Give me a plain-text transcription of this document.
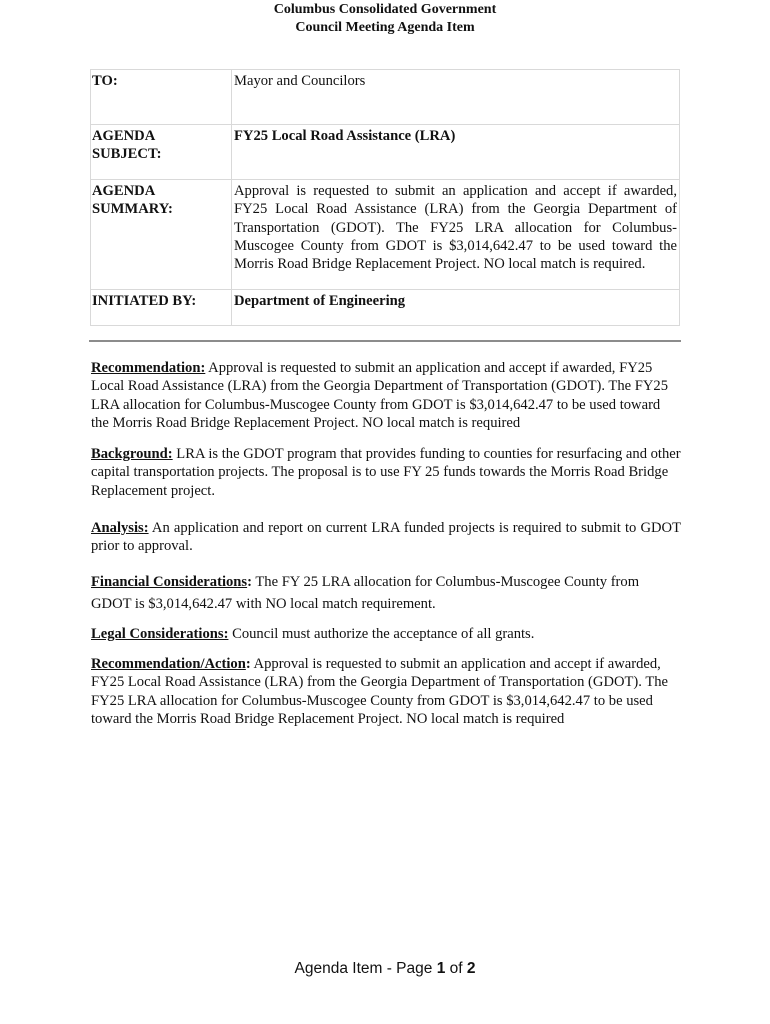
Columbus Consolidated Government
Council Meeting Agenda Item
TO:	Mayor and Councilors

AGENDA
SUBJECT:	FY25 Local Road Assistance (LRA)

AGENDA
SUMMARY:	Approval is requested to submit an application and accept if awarded, FY25 Local Road Assistance (LRA) from the Georgia Department of Transportation (GDOT). The FY25 LRA allocation for Columbus-Muscogee County from GDOT is $3,014,642.47 to be used toward the Morris Road Bridge Replacement Project. NO local match is required.
INITIATED BY:	Department of Engineering
Recommendation: Approval is requested to submit an application and accept if awarded, FY25 Local Road Assistance (LRA) from the Georgia Department of Transportation (GDOT). The FY25 LRA allocation for Columbus-Muscogee County from GDOT is $3,014,642.47 to be used toward the Morris Road Bridge Replacement Project. NO local match is required
Background: LRA is the GDOT program that provides funding to counties for resurfacing and other capital transportation projects. The proposal is to use FY 25 funds towards the Morris Road Bridge Replacement project.
Analysis: An application and report on current LRA funded projects is required to submit to GDOT prior to approval.
Financial Considerations: The FY 25 LRA allocation for Columbus-Muscogee County from GDOT is $3,014,642.47 with NO local match requirement.
Legal Considerations: Council must authorize the acceptance of all grants.
Recommendation/Action: Approval is requested to submit an application and accept if awarded, FY25 Local Road Assistance (LRA) from the Georgia Department of Transportation (GDOT). The FY25 LRA allocation for Columbus-Muscogee County from GDOT is $3,014,642.47 to be used toward the Morris Road Bridge Replacement Project. NO local match is required
Agenda Item - Page 1 of 2
